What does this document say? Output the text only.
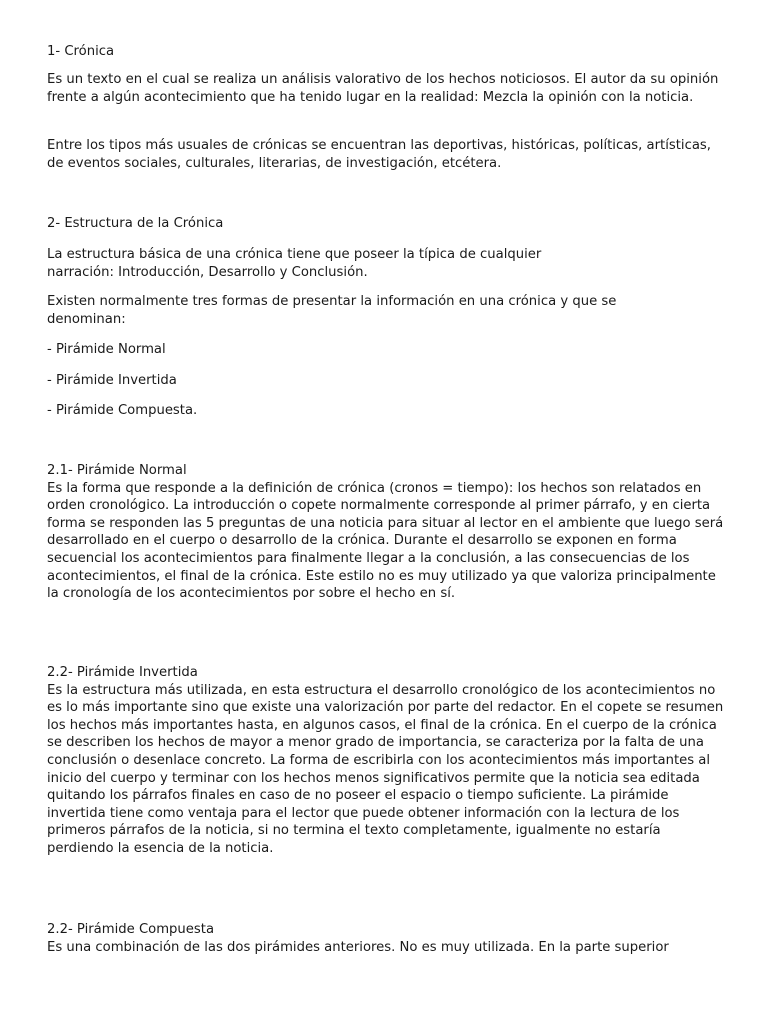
1- Crónica

Es un texto en el cual se realiza un análisis valorativo de los hechos noticiosos. El autor da su opinión frente a algún acontecimiento que ha tenido lugar en la realidad: Mezcla la opinión con la noticia.

Entre los tipos más usuales de crónicas se encuentran las deportivas, históricas, políticas, artísticas, de eventos sociales, culturales, literarias, de investigación, etcétera.

2- Estructura de la Crónica

La estructura básica de una crónica tiene que poseer la típica de cualquier narración: Introducción, Desarrollo y Conclusión.

Existen normalmente tres formas de presentar la información en una crónica y que se denominan:

- Pirámide Normal

- Pirámide Invertida

- Pirámide Compuesta.

2.1- Pirámide Normal

Es la forma que responde a la definición de crónica (cronos = tiempo): los hechos son relatados en orden cronológico. La introducción o copete normalmente corresponde al primer párrafo, y en cierta forma se responden las 5 preguntas de una noticia para situar al lector en el ambiente que luego será desarrollado en el cuerpo o desarrollo de la crónica. Durante el desarrollo se exponen en forma secuencial los acontecimientos para finalmente llegar a la conclusión, a las consecuencias de los acontecimientos, el final de la crónica. Este estilo no es muy utilizado ya que valoriza principalmente la cronología de los acontecimientos por sobre el hecho en sí.

2.2- Pirámide Invertida

Es la estructura más utilizada, en esta estructura el desarrollo cronológico de los acontecimientos no es lo más importante sino que existe una valorización por parte del redactor. En el copete se resumen los hechos más importantes hasta, en algunos casos, el final de la crónica. En el cuerpo de la crónica se describen los hechos de mayor a menor grado de importancia, se caracteriza por la falta de una conclusión o desenlace concreto. La forma de escribirla con los acontecimientos más importantes al inicio del cuerpo y terminar con los hechos menos significativos permite que la noticia sea editada quitando los párrafos finales en caso de no poseer el espacio o tiempo suficiente. La pirámide invertida tiene como ventaja para el lector que puede obtener información con la lectura de los primeros párrafos de la noticia, si no termina el texto completamente, igualmente no estaría perdiendo la esencia de la noticia.

2.2- Pirámide Compuesta

Es una combinación de las dos pirámides anteriores. No es muy utilizada. En la parte superior
